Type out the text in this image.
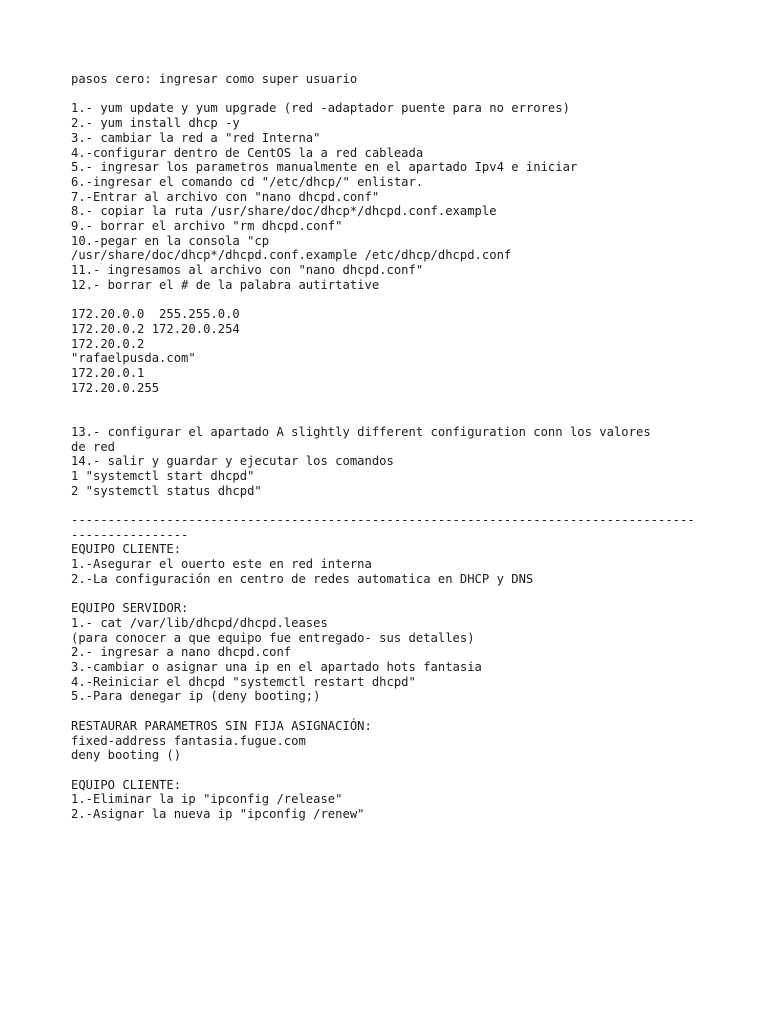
pasos cero: ingresar como super usuario
1.- yum update y yum upgrade (red -adaptador puente para no errores)
2.- yum install dhcp -y
3.- cambiar la red a "red Interna"
4.-configurar dentro de CentOS la a red cableada
5.- ingresar los parametros manualmente en el apartado Ipv4 e iniciar
6.-ingresar el comando cd "/etc/dhcp/" enlistar.
7.-Entrar al archivo con "nano dhcpd.conf"
8.- copiar la ruta /usr/share/doc/dhcp*/dhcpd.conf.example
9.- borrar el archivo "rm dhcpd.conf"
10.-pegar en la consola "cp
/usr/share/doc/dhcp*/dhcpd.conf.example /etc/dhcp/dhcpd.conf
11.- ingresamos al archivo con "nano dhcpd.conf"
12.- borrar el # de la palabra autirtative
172.20.0.0  255.255.0.0
172.20.0.2 172.20.0.254
172.20.0.2
"rafaelpusda.com"
172.20.0.1
172.20.0.255
13.- configurar el apartado A slightly different configuration conn los valores
de red
14.- salir y guardar y ejecutar los comandos
1 "systemctl start dhcpd"
2 "systemctl status dhcpd"
-------------------------------------------------------------------------------------
----------------
EQUIPO CLIENTE:
1.-Asegurar el ouerto este en red interna
2.-La configuración en centro de redes automatica en DHCP y DNS
EQUIPO SERVIDOR:
1.- cat /var/lib/dhcpd/dhcpd.leases
(para conocer a que equipo fue entregado- sus detalles)
2.- ingresar a nano dhcpd.conf
3.-cambiar o asignar una ip en el apartado hots fantasia
4.-Reiniciar el dhcpd "systemctl restart dhcpd"
5.-Para denegar ip (deny booting;)
RESTAURAR PARAMETROS SIN FIJA ASIGNACIÓN:
fixed-address fantasia.fugue.com
deny booting ()
EQUIPO CLIENTE:
1.-Eliminar la ip "ipconfig /release"
2.-Asignar la nueva ip "ipconfig /renew"
